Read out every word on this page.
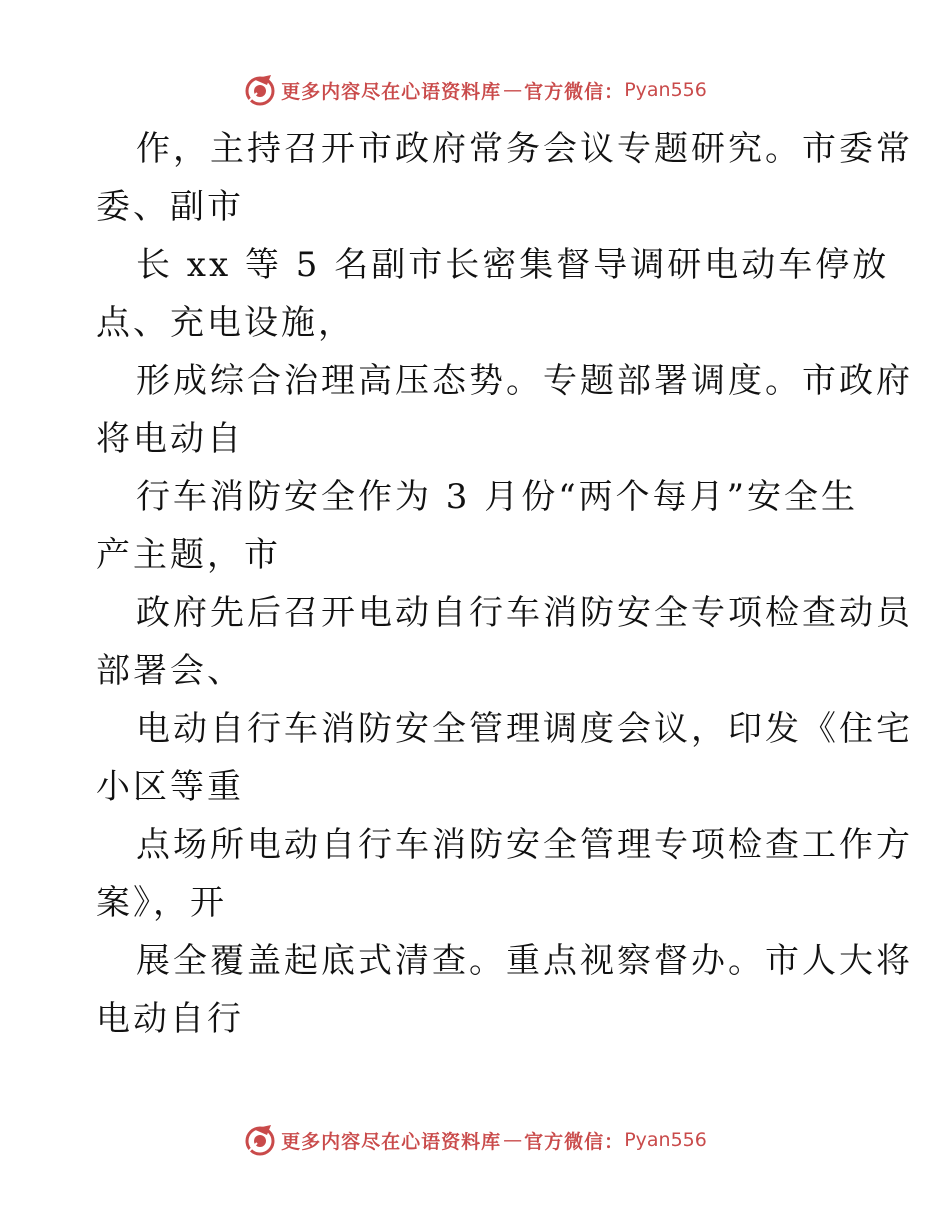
更多内容尽在心语资料库 — 官方微信： Pyan556
作，主持召开市政府常务会议专题研究。市委常
委、副市
长 xx 等 5 名副市长密集督导调研电动车停放
点、充电设施，
形成综合治理高压态势。专题部署调度。市政府
将电动自
行车消防安全作为 3 月份“两个每月”安全生
产主题，市
政府先后召开电动自行车消防安全专项检查动员
部署会、
电动自行车消防安全管理调度会议，印发《住宅
小区等重
点场所电动自行车消防安全管理专项检查工作方
案》，开
展全覆盖起底式清查。重点视察督办。市人大将
电动自行
更多内容尽在心语资料库 — 官方微信： Pyan556
